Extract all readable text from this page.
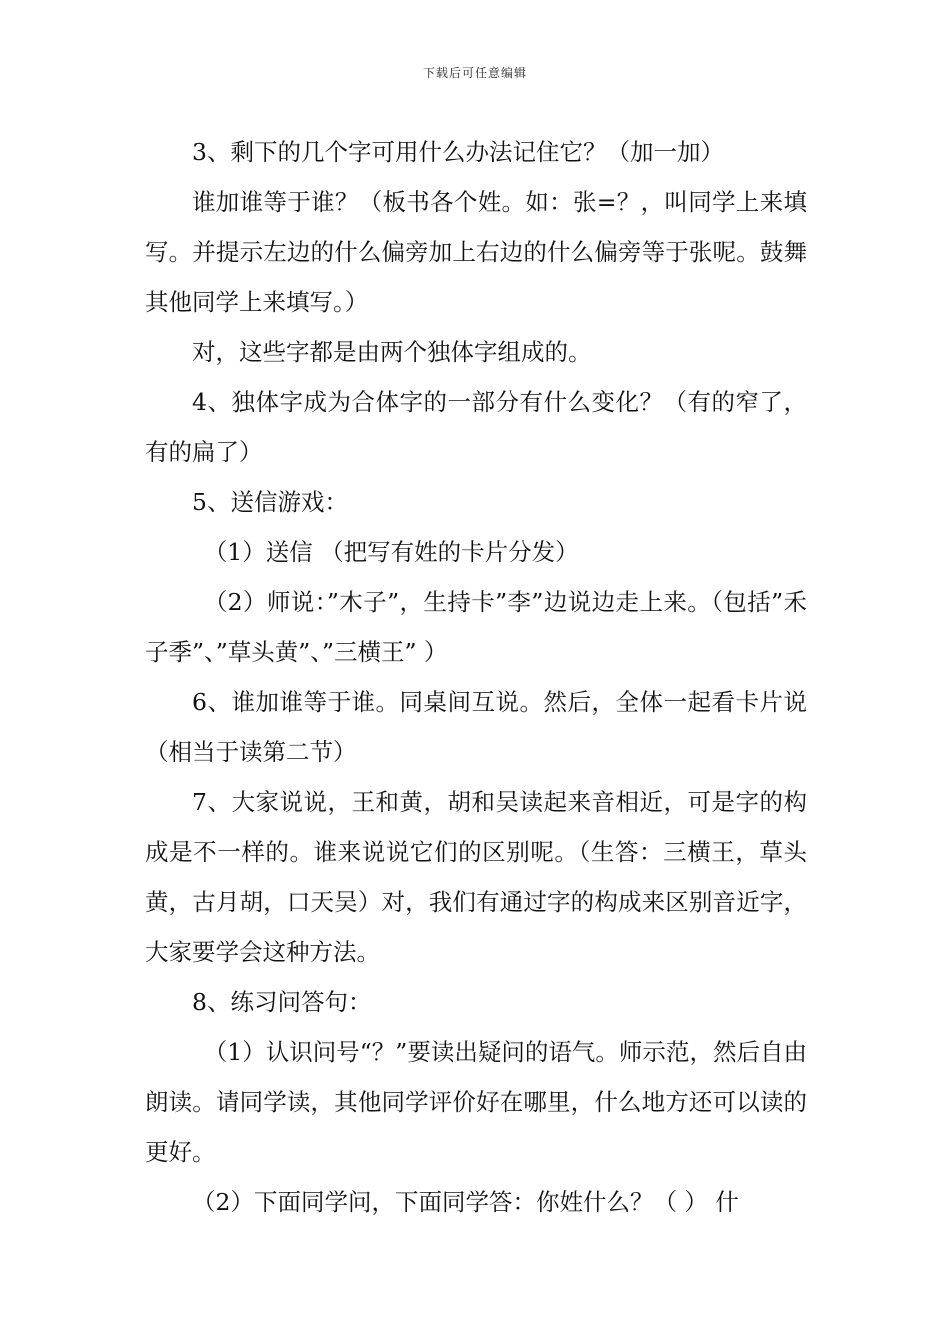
下载后可任意编辑

3、剩下的几个字可用什么办法记住它？（加一加）

谁加谁等于谁？（板书各个姓。如：张=？，叫同学上来填写。并提示左边的什么偏旁加上右边的什么偏旁等于张呢。鼓舞其他同学上来填写。）

对，这些字都是由两个独体字组成的。

4、独体字成为合体字的一部分有什么变化？（有的窄了，有的扁了）

5、送信游戏：

（1）送信 （把写有姓的卡片分发）

（2）师说：”木子”，生持卡”李”边说边走上来。（包括”禾子季”、”草头黄”、”三横王” ）

6、谁加谁等于谁。同桌间互说。然后，全体一起看卡片说（相当于读第二节）

7、大家说说，王和黄，胡和吴读起来音相近，可是字的构成是不一样的。谁来说说它们的区别呢。（生答：三横王，草头黄，古月胡，口天吴）对，我们有通过字的构成来区别音近字，大家要学会这种方法。

8、练习问答句：

（1）认识问号“？”要读出疑问的语气。师示范，然后自由朗读。请同学读，其他同学评价好在哪里，什么地方还可以读的更好。

（2）下面同学问，下面同学答：你姓什么？（ ） 什
